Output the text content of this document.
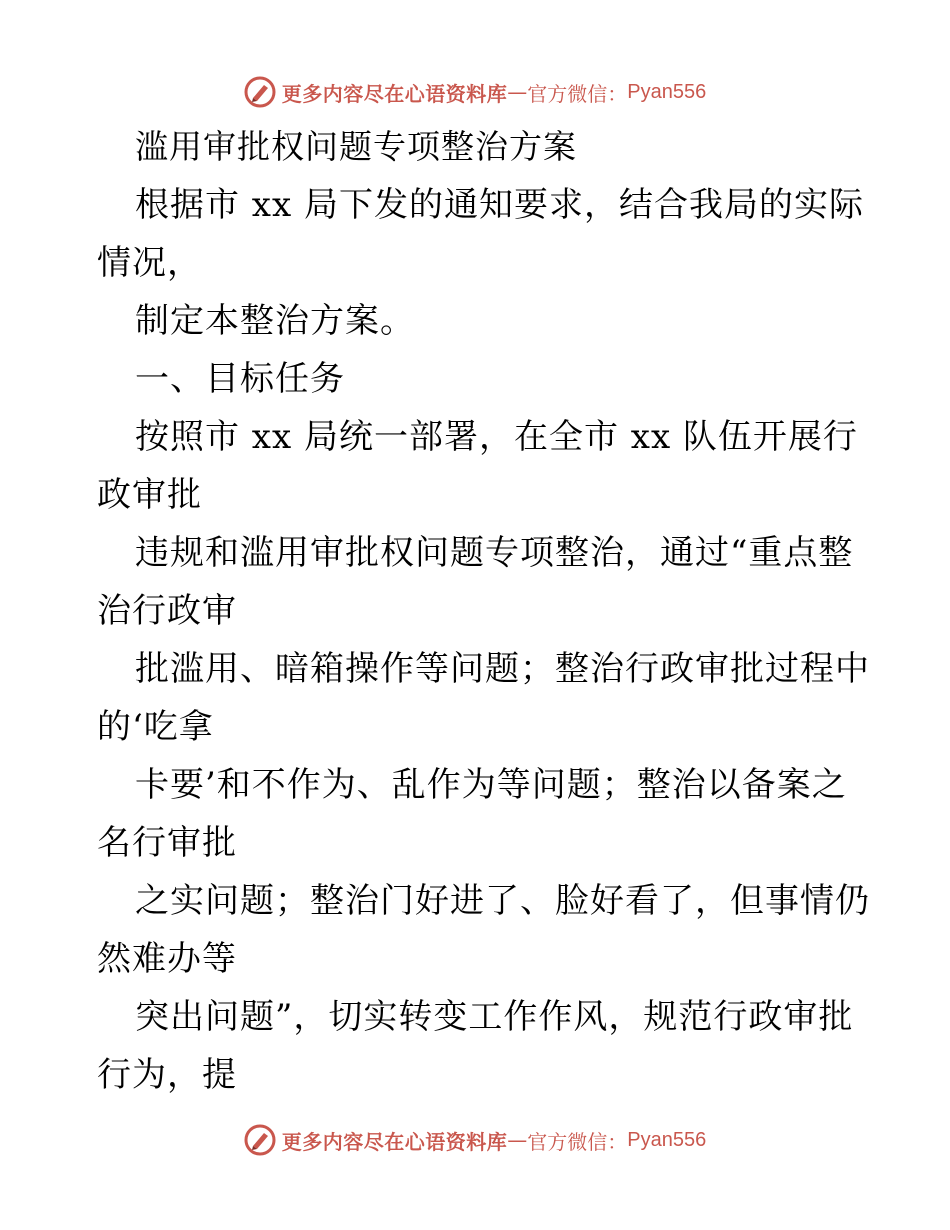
更多内容尽在心语资料库 — 官方微信： Pyan556
滥用审批权问题专项整治方案
根据市 xx 局下发的通知要求，结合我局的实际
情况，
制定本整治方案。
一、目标任务
按照市 xx 局统一部署，在全市 xx 队伍开展行
政审批
违规和滥用审批权问题专项整治，通过“重点整
治行政审
批滥用、暗箱操作等问题；整治行政审批过程中
的‘吃拿
卡要’和不作为、乱作为等问题；整治以备案之
名行审批
之实问题；整治门好进了、脸好看了，但事情仍
然难办等
突出问题”，切实转变工作作风，规范行政审批
行为，提
更多内容尽在心语资料库 — 官方微信： Pyan556
